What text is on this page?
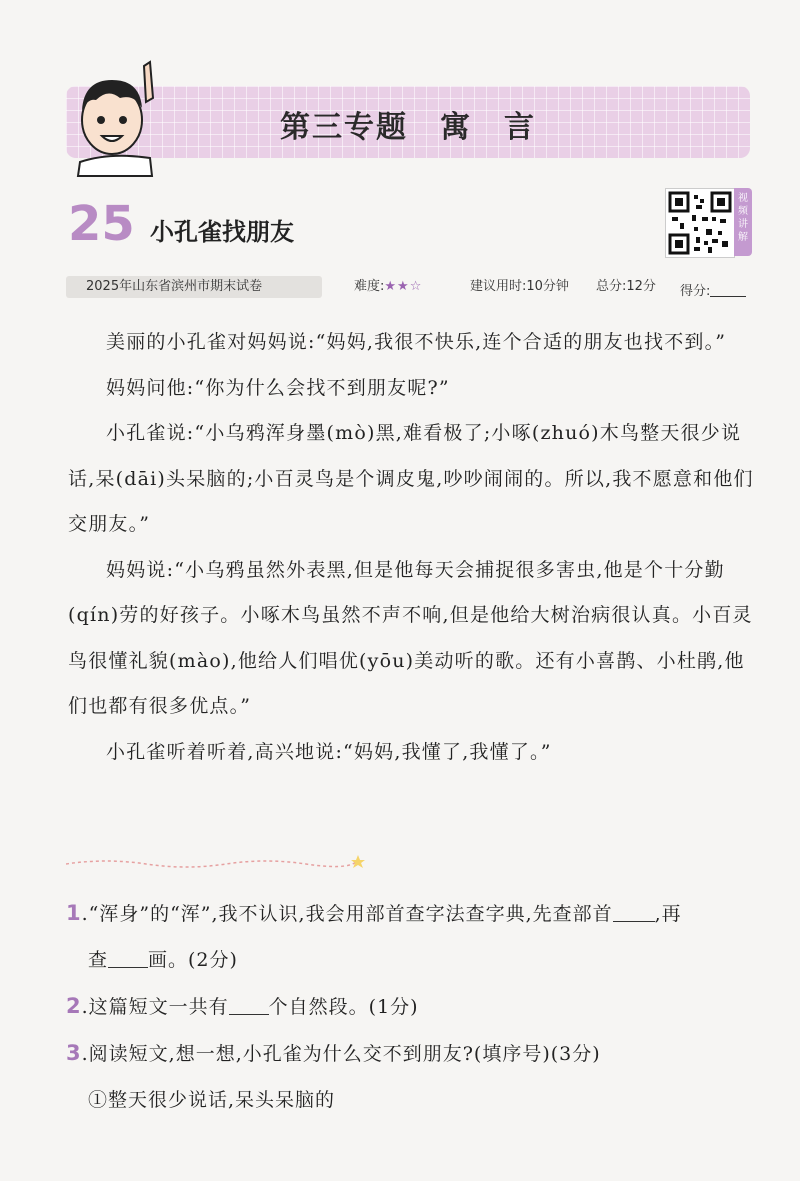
第三专题　寓　言
25 小孔雀找朋友
视频讲解
2025年山东省滨州市期末试卷	难度:★★☆	建议用时:10分钟 总分:12分 得分:

美丽的小孔雀对妈妈说:“妈妈,我很不快乐,连个合适的朋友也找不到。”

妈妈问他:“你为什么会找不到朋友呢?”

小孔雀说:“小乌鸦浑身墨(mò)黑,难看极了;小啄(zhuó)木鸟整天很少说话,呆(dāi)头呆脑的;小百灵鸟是个调皮鬼,吵吵闹闹的。所以,我不愿意和他们交朋友。”

妈妈说:“小乌鸦虽然外表黑,但是他每天会捕捉很多害虫,他是个十分勤(qín)劳的好孩子。小啄木鸟虽然不声不响,但是他给大树治病很认真。小百灵鸟很懂礼貌(mào),他给人们唱优(yōu)美动听的歌。还有小喜鹊、小杜鹃,他们也都有很多优点。”

小孔雀听着听着,高兴地说:“妈妈,我懂了,我懂了。”

1.“浑身”的“浑”,我不认识,我会用部首查字法查字典,先查部首 ,再
查 画。(2分)
2.这篇短文一共有 个自然段。(1分)
3.阅读短文,想一想,小孔雀为什么交不到朋友?(填序号)(3分)
①整天很少说话,呆头呆脑的
